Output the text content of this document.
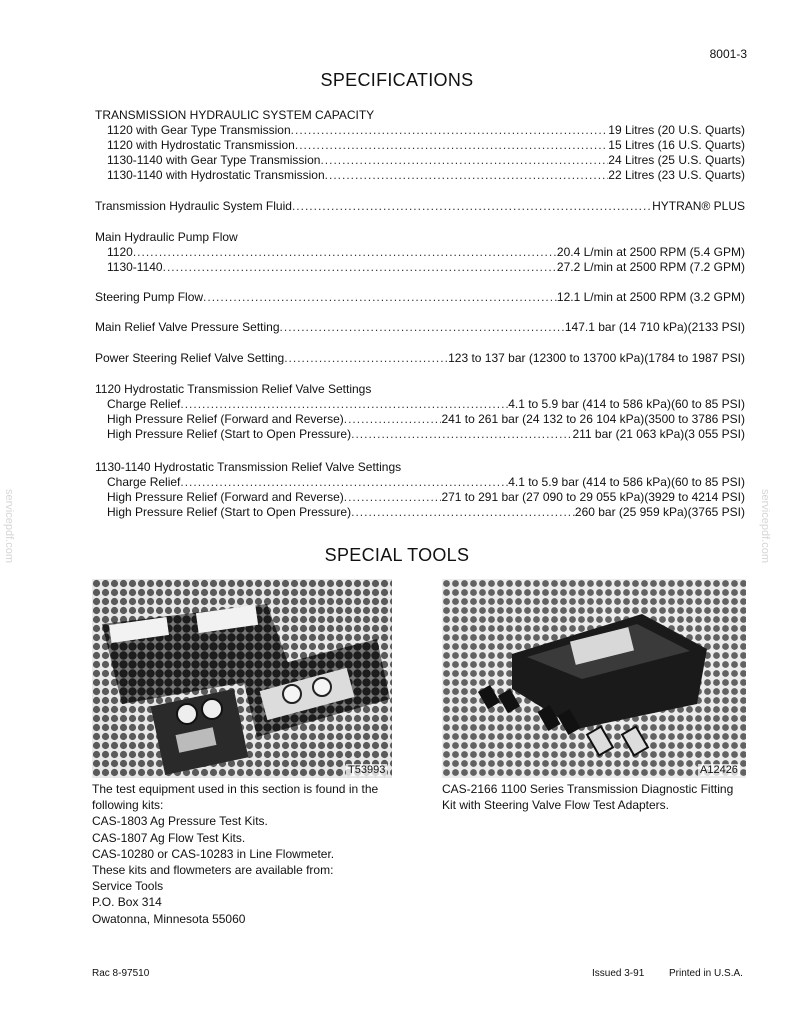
8001-3
servicepdf.com	servicepdf.com
SPECIFICATIONS
TRANSMISSION HYDRAULIC SYSTEM CAPACITY
1120 with Gear Type Transmission .....	19 Litres (20 U.S. Quarts)
1120 with Hydrostatic Transmission .....	15 Litres (16 U.S. Quarts)
1130-1140 with Gear Type Transmission .....	24 Litres (25 U.S. Quarts)
1130-1140 with Hydrostatic Transmission .....	22 Litres (23 U.S. Quarts)
Transmission Hydraulic System Fluid .....	HYTRAN® PLUS
Main Hydraulic Pump Flow
1120 .....	20.4 L/min at 2500 RPM (5.4 GPM)
1130-1140 .....	27.2 L/min at 2500 RPM (7.2 GPM)
Steering Pump Flow .....	12.1 L/min at 2500 RPM (3.2 GPM)
Main Relief Valve Pressure Setting .....	147.1 bar (14 710 kPa)(2133 PSI)
Power Steering Relief Valve Setting .....	123 to 137 bar (12300 to 13700 kPa)(1784 to 1987 PSI)
1120 Hydrostatic Transmission Relief Valve Settings
Charge Relief .....	4.1 to 5.9 bar (414 to 586 kPa)(60 to 85 PSI)
High Pressure Relief (Forward and Reverse) .....	241 to 261 bar (24 132 to 26 104 kPa)(3500 to 3786 PSI)
High Pressure Relief (Start to Open Pressure) .....	211 bar (21 063 kPa)(3 055 PSI)
1130-1140 Hydrostatic Transmission Relief Valve Settings
Charge Relief .....	4.1 to 5.9 bar (414 to 586 kPa)(60 to 85 PSI)
High Pressure Relief (Forward and Reverse) .....	271 to 291 bar (27 090 to 29 055 kPa)(3929 to 4214 PSI)
High Pressure Relief (Start to Open Pressure) .....	260 bar (25 959 kPa)(3765 PSI)
SPECIAL TOOLS
T53993	A12426
The test equipment used in this section is found in the
following kits:
CAS-1803 Ag Pressure Test Kits.
CAS-1807 Ag Flow Test Kits.
CAS-10280 or CAS-10283 in Line Flowmeter.
These kits and flowmeters are available from:
Service Tools
P.O. Box 314
Owatonna, Minnesota 55060
CAS-2166 1100 Series Transmission Diagnostic Fitting
Kit with Steering Valve Flow Test Adapters.
Rac 8-97510	Issued 3-91 Printed in U.S.A.
